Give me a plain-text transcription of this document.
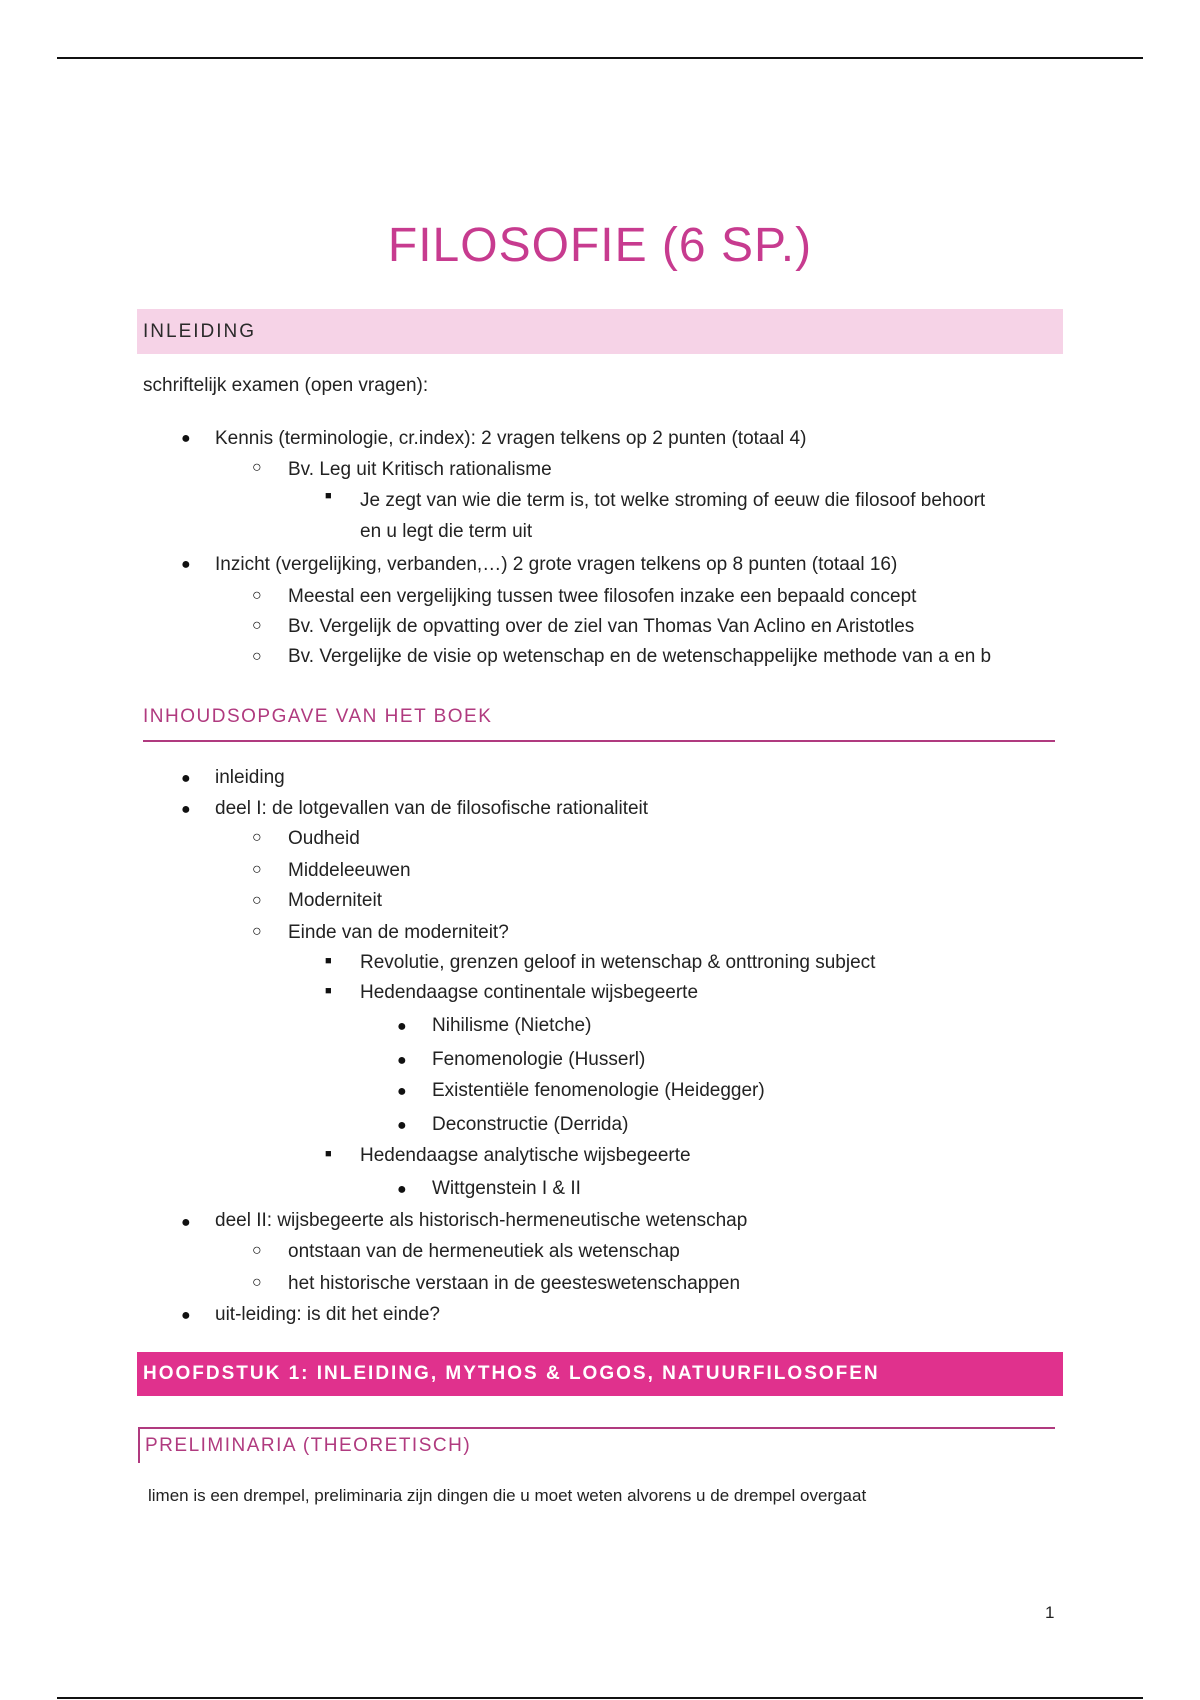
FILOSOFIE (6 SP.)
INLEIDING
schriftelijk examen (open vragen):
● Kennis (terminologie, cr.index): 2 vragen telkens op 2 punten (totaal 4)
○ Bv. Leg uit Kritisch rationalisme
■ Je zegt van wie die term is, tot welke stroming of eeuw die filosoof behoort
en u legt die term uit
● Inzicht (vergelijking, verbanden,…) 2 grote vragen telkens op 8 punten (totaal 16)
○ Meestal een vergelijking tussen twee filosofen inzake een bepaald concept
○ Bv. Vergelijk de opvatting over de ziel van Thomas Van Aclino en Aristotles
○ Bv. Vergelijke de visie op wetenschap en de wetenschappelijke methode van a en b
INHOUDSOPGAVE VAN HET BOEK
● inleiding
● deel I: de lotgevallen van de filosofische rationaliteit
○ Oudheid
○ Middeleeuwen
○ Moderniteit
○ Einde van de moderniteit?
■ Revolutie, grenzen geloof in wetenschap & onttroning subject
■ Hedendaagse continentale wijsbegeerte
● Nihilisme (Nietche)
● Fenomenologie (Husserl)
● Existentiële fenomenologie (Heidegger)
● Deconstructie (Derrida)
■ Hedendaagse analytische wijsbegeerte
● Wittgenstein I & II
● deel II: wijsbegeerte als historisch-hermeneutische wetenschap
○ ontstaan van de hermeneutiek als wetenschap
○ het historische verstaan in de geesteswetenschappen
● uit-leiding: is dit het einde?
HOOFDSTUK 1: INLEIDING, MYTHOS & LOGOS, NATUURFILOSOFEN
PRELIMINARIA (THEORETISCH)
limen is een drempel, preliminaria zijn dingen die u moet weten alvorens u de drempel overgaat
1
